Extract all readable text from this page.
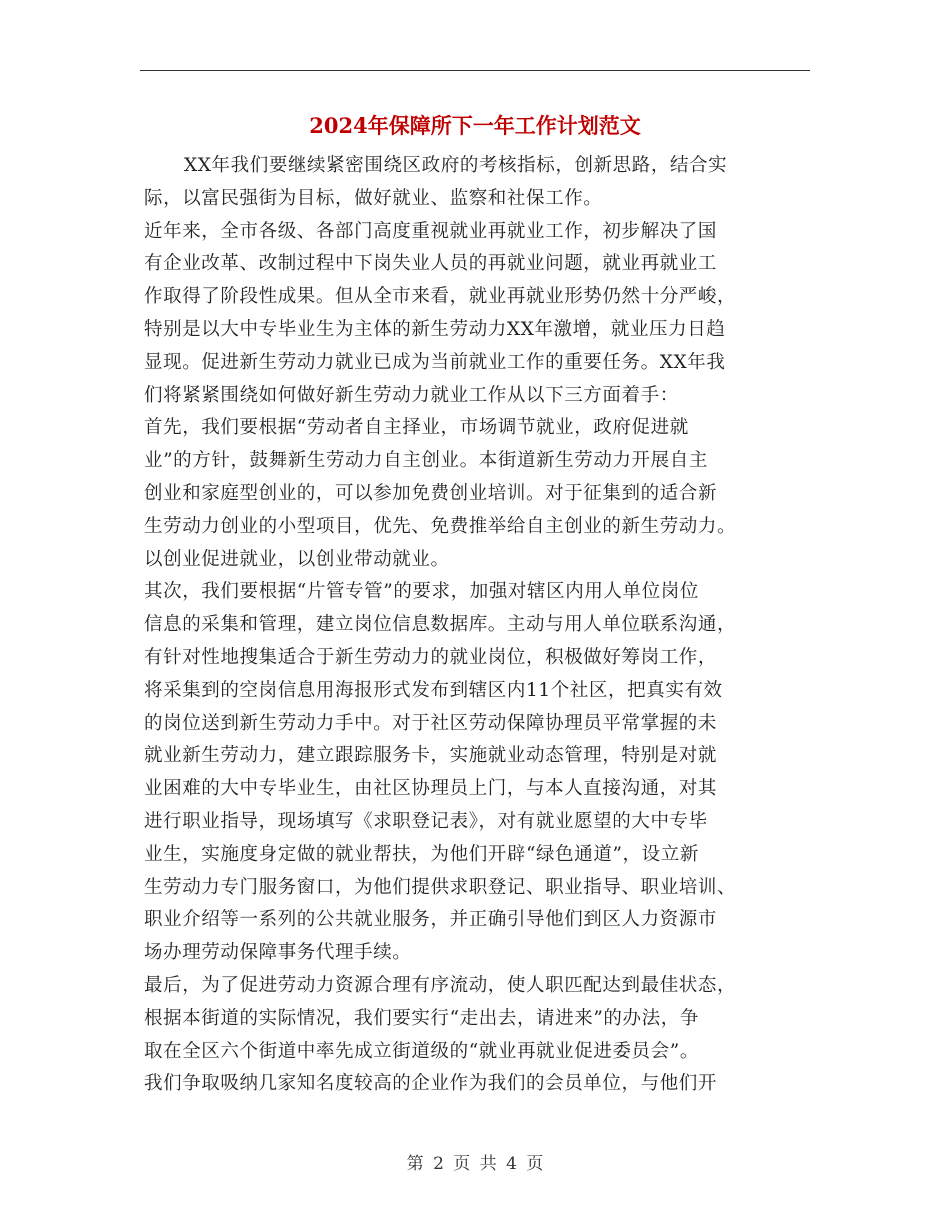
2024年保障所下一年工作计划范文
XX年我们要继续紧密围绕区政府的考核指标，创新思路，结合实
际，以富民强街为目标，做好就业、监察和社保工作。
近年来，全市各级、各部门高度重视就业再就业工作，初步解决了国
有企业改革、改制过程中下岗失业人员的再就业问题，就业再就业工
作取得了阶段性成果。但从全市来看，就业再就业形势仍然十分严峻，
特别是以大中专毕业生为主体的新生劳动力XX年激增，就业压力日趋
显现。促进新生劳动力就业已成为当前就业工作的重要任务。XX年我
们将紧紧围绕如何做好新生劳动力就业工作从以下三方面着手：
首先，我们要根据“劳动者自主择业，市场调节就业，政府促进就
业”的方针，鼓舞新生劳动力自主创业。本街道新生劳动力开展自主
创业和家庭型创业的，可以参加免费创业培训。对于征集到的适合新
生劳动力创业的小型项目，优先、免费推举给自主创业的新生劳动力。
以创业促进就业，以创业带动就业。
其次，我们要根据“片管专管”的要求，加强对辖区内用人单位岗位
信息的采集和管理，建立岗位信息数据库。主动与用人单位联系沟通，
有针对性地搜集适合于新生劳动力的就业岗位，积极做好筹岗工作，
将采集到的空岗信息用海报形式发布到辖区内11个社区，把真实有效
的岗位送到新生劳动力手中。对于社区劳动保障协理员平常掌握的未
就业新生劳动力，建立跟踪服务卡，实施就业动态管理，特别是对就
业困难的大中专毕业生，由社区协理员上门，与本人直接沟通，对其
进行职业指导，现场填写《求职登记表》，对有就业愿望的大中专毕
业生，实施度身定做的就业帮扶，为他们开辟“绿色通道”，设立新
生劳动力专门服务窗口，为他们提供求职登记、职业指导、职业培训、
职业介绍等一系列的公共就业服务，并正确引导他们到区人力资源市
场办理劳动保障事务代理手续。
最后，为了促进劳动力资源合理有序流动，使人职匹配达到最佳状态，
根据本街道的实际情况，我们要实行“走出去，请进来”的办法，争
取在全区六个街道中率先成立街道级的“就业再就业促进委员会”。
我们争取吸纳几家知名度较高的企业作为我们的会员单位，与他们开
第 2 页 共 4 页
